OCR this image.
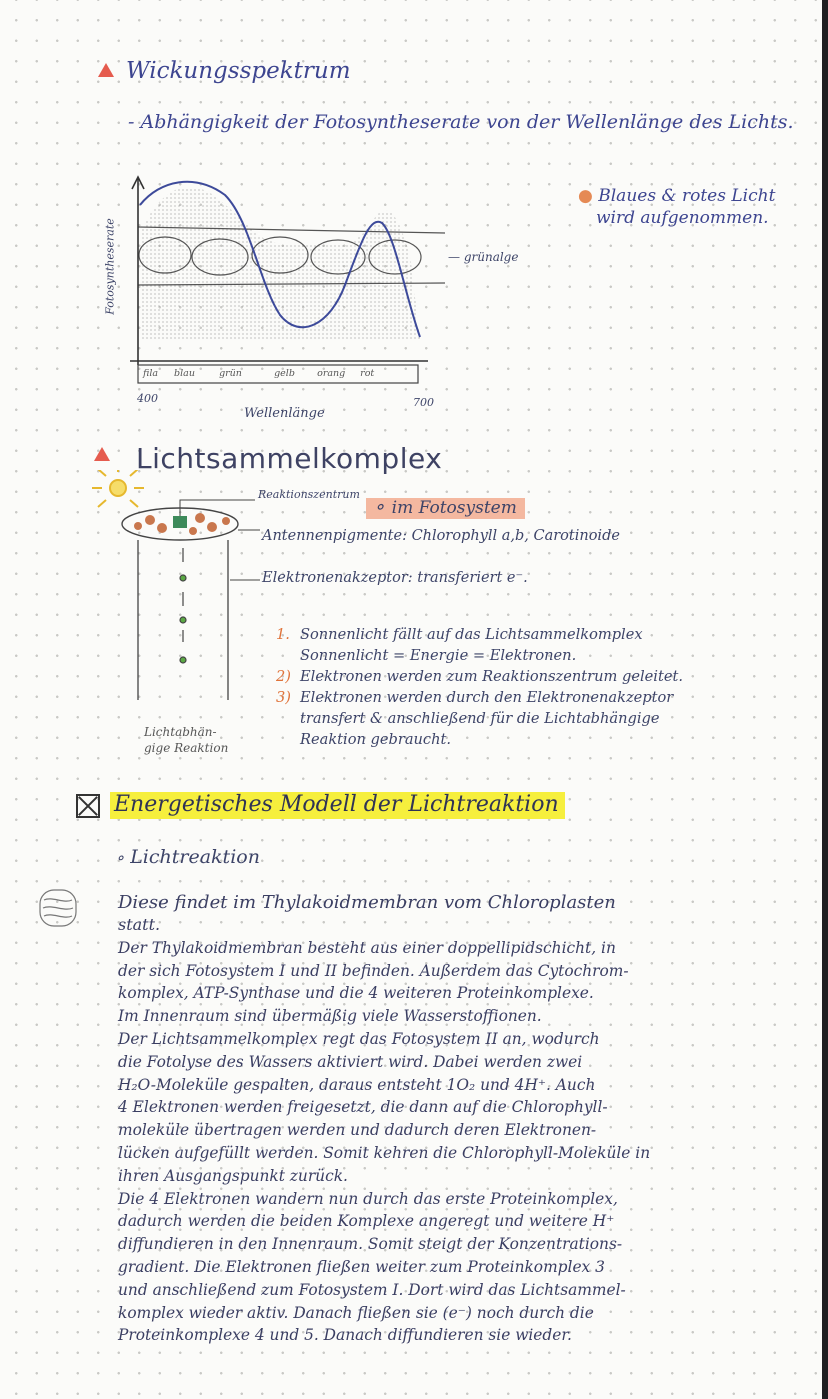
Wickungsspektrum
- Abhängigkeit der Fotosyntheserate von der Wellenlänge des Lichts.
● Blaues & rotes Licht
wird aufgenommen.
Fotosyntheserate
fila blau	grün	gelb orang rot
400	700
Wellenlänge
— grünalge
Lichtsammelkomplex
Reaktionszentrum
⚬ im Fotosystem
Antennenpigmente: Chlorophyll a,b, Carotinoide
Elektronenakzeptor: transferiert e⁻.
1. Sonnenlicht fällt auf das Lichtsammelkomplex
Sonnenlicht = Energie = Elektronen.
2) Elektronen werden zum Reaktionszentrum geleitet.
3) Elektronen werden durch den Elektronenakzeptor
transfert & anschließend für die Lichtabhängige
Reaktion gebraucht.
Lichtabhän-
gige Reaktion
Energetisches Modell der Lichtreaktion
⚬ Lichtreaktion
Diese findet im Thylakoidmembran vom Chloroplasten
statt.
Der Thylakoidmembran besteht aus einer doppellipidschicht, in
der sich Fotosystem I und II befinden. Außerdem das Cytochrom-
komplex, ATP-Synthase und die 4 weiteren Proteinkomplexe.
Im Innenraum sind übermäßig viele Wasserstoffionen.
Der Lichtsammelkomplex regt das Fotosystem II an, wodurch
die Fotolyse des Wassers aktiviert wird. Dabei werden zwei
H₂O-Moleküle gespalten, daraus entsteht 1O₂ und 4H⁺. Auch
4 Elektronen werden freigesetzt, die dann auf die Chlorophyll-
moleküle übertragen werden und dadurch deren Elektronen-
lücken aufgefüllt werden. Somit kehren die Chlorophyll-Moleküle in
ihren Ausgangspunkt zurück.
Die 4 Elektronen wandern nun durch das erste Proteinkomplex,
dadurch werden die beiden Komplexe angeregt und weitere H⁺
diffundieren in den Innenraum. Somit steigt der Konzentrations-
gradient. Die Elektronen fließen weiter zum Proteinkomplex 3
und anschließend zum Fotosystem I. Dort wird das Lichtsammel-
komplex wieder aktiv. Danach fließen sie (e⁻) noch durch die
Proteinkomplexe 4 und 5. Danach diffundieren sie wieder.
